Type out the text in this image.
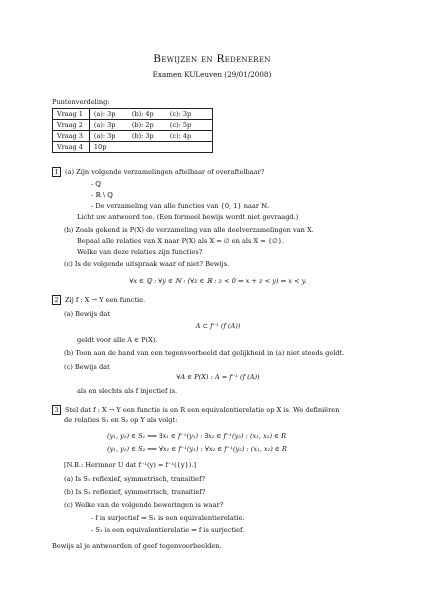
Bewijzen en Redeneren
Examen KULeuven (29/01/2008)
Puntenverdeling:
Vraag 1	(a): 3p (b): 4p (c): 3p
Vraag 2	(a): 3p (b): 2p (c): 5p
Vraag 3	(a): 3p (b): 3p (c): 4p
Vraag 4	10p
1 (a) Zijn volgende verzamelingen aftelbaar of overaftelbaar?
- ℚ
- ℝ \ ℚ
- De verzameling van alle functies van {0, 1} naar ℕ.
Licht uw antwoord toe. (Een formeel bewijs wordt niet gevraagd.)
(b) Zoals gekend is P(X) de verzameling van alle deelverzamelingen van X.
Bepaal alle relaties van X naar P(X) als X = ∅ en als X = {∅}.
Welke van deze relaties zijn functies?
(c) Is de volgende uitspraak waar of niet? Bewijs.
∀x ∈ ℚ : ∀y ∈ ℕ : (∀z ∈ ℝ : z < 0 ⇒ x + z < y) ⇒ x < y.
2 Zij f : X → Y een functie.
(a) Bewijs dat
A ⊂ f⁻¹ (f (A))
geldt voor alle A ∈ P(X).
(b) Toon aan de hand van een tegenvoorbeeld dat gelijkheid in (a) niet steeds geldt.
(c) Bewijs dat
∀A ∈ P(X) : A = f⁻¹ (f (A))
als en slechts als f injectief is.
3 Stel dat f : X → Y een functie is en R een equivalentierelatie op X is. We definiëren
de relaties S₁ en S₂ op Y als volgt:
(y₁, y₂) ∈ S₁ ⟺ ∃x₁ ∈ f⁻¹(y₁) : ∃x₂ ∈ f⁻¹(y₂) : (x₁, x₂) ∈ R
(y₁, y₂) ∈ S₂ ⟺ ∀x₁ ∈ f⁻¹(y₁) : ∀x₂ ∈ f⁻¹(y₂) : (x₁, x₂) ∈ R
[N.B.: Herinner U dat f⁻¹(y) = f⁻¹({y}).]
(a) Is S₁ reflexief, symmetrisch, transitief?
(b) Is S₂ reflexief, symmetrisch, transitief?
(c) Welke van de volgende beweringen is waar?
- f is surjectief ⇒ S₁ is een equivalentierelatie.
- S₁ is een equivalentierelatie ⇒ f is surjectief.
Bewijs al je antwoorden of geef tegenvoorbeelden.
